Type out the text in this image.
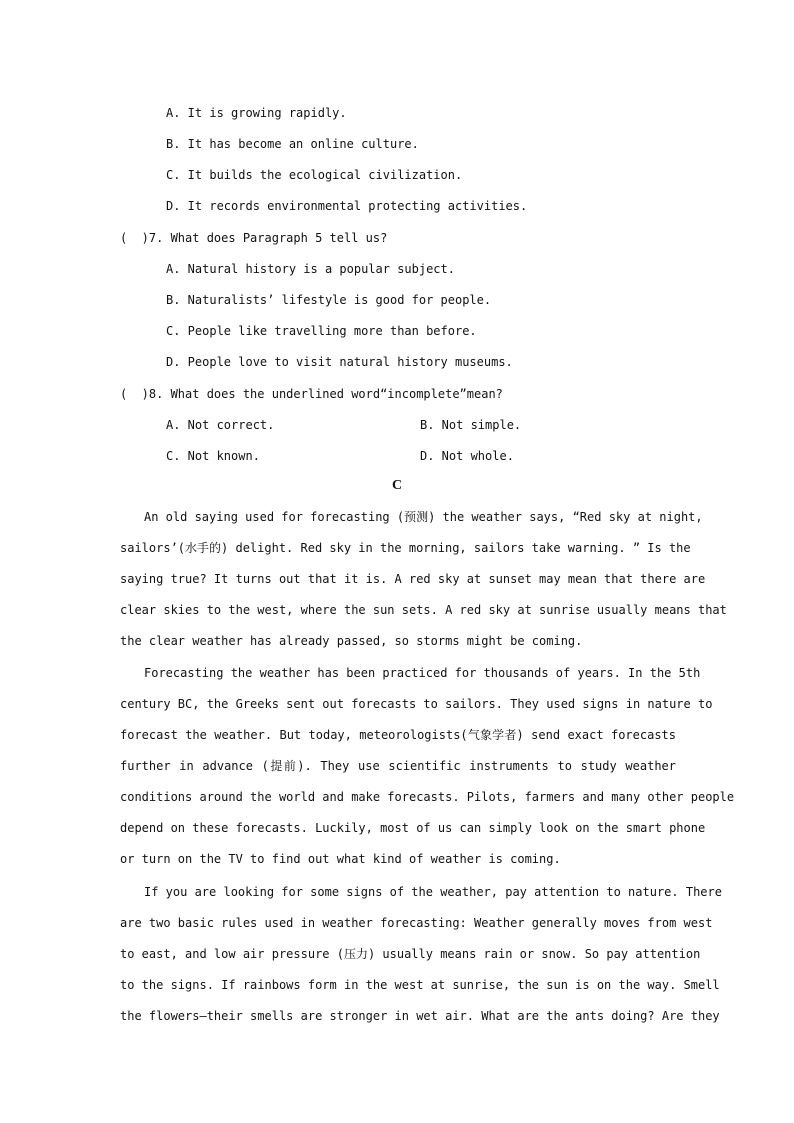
A. It is growing rapidly.
B. It has become an online culture.
C. It builds the ecological civilization.
D. It records environmental protecting activities.
(  )7. What does Paragraph 5 tell us?
A. Natural history is a popular subject.
B. Naturalists’ lifestyle is good for people.
C. People like travelling more than before.
D. People love to visit natural history museums.
(  )8. What does the underlined word“incomplete”mean?
A. Not correct.	B. Not simple.
C. Not known.	D. Not whole.
C
An old saying used for forecasting (预测) the weather says, “Red sky at night,
sailors’(水手的) delight. Red sky in the morning, sailors take warning. ” Is the
saying true? It turns out that it is. A red sky at sunset may mean that there are
clear skies to the west, where the sun sets. A red sky at sunrise usually means that
the clear weather has already passed, so storms might be coming.
Forecasting the weather has been practiced for thousands of years. In the 5th
century BC, the Greeks sent out forecasts to sailors. They used signs in nature to
forecast the weather. But today, meteorologists(气象学者) send exact forecasts
further in advance (提前). They use scientific instruments to study weather
conditions around the world and make forecasts. Pilots, farmers and many other people
depend on these forecasts. Luckily, most of us can simply look on the smart phone
or turn on the TV to find out what kind of weather is coming.
If you are looking for some signs of the weather, pay attention to nature. There
are two basic rules used in weather forecasting: Weather generally moves from west
to east, and low air pressure (压力) usually means rain or snow. So pay attention
to the signs. If rainbows form in the west at sunrise, the sun is on the way. Smell
the flowers—their smells are stronger in wet air. What are the ants doing? Are they
